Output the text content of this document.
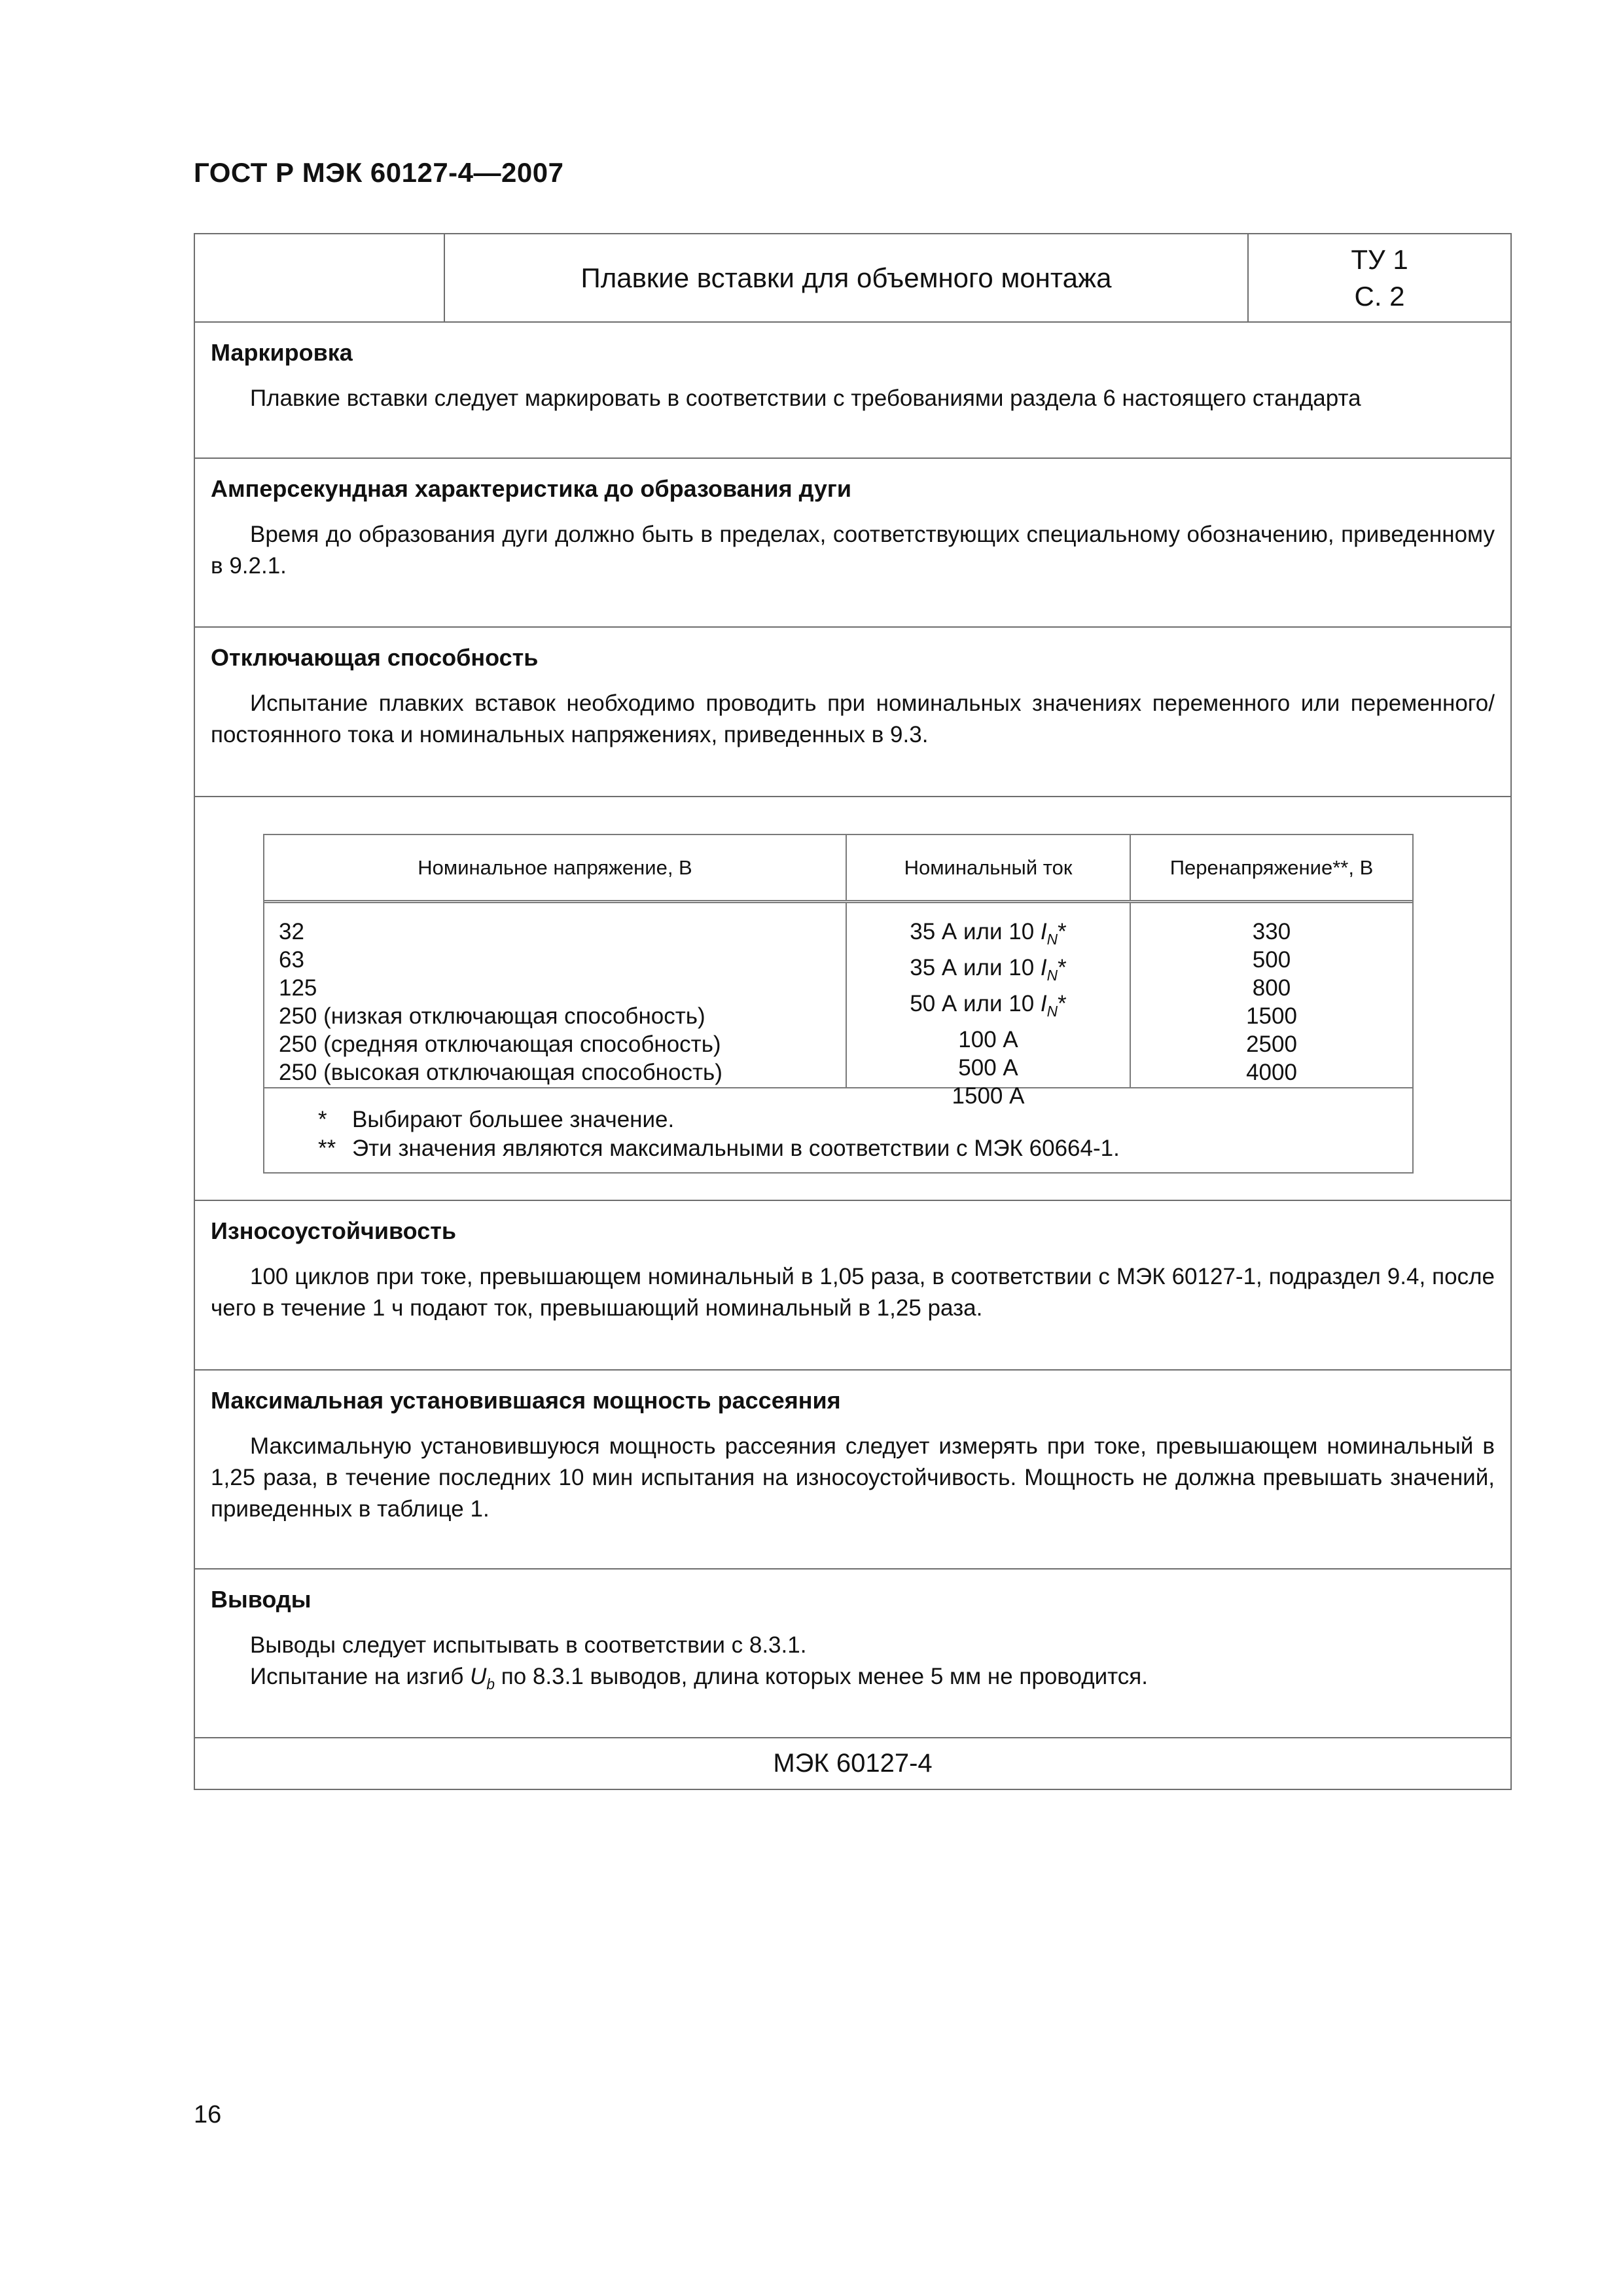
ГОСТ Р МЭК 60127-4—2007
Плавкие вставки для объемного монтажа
ТУ 1
С. 2
Маркировка
Плавкие вставки следует маркировать в соответствии с требованиями раздела 6 настоящего стандарта
Амперсекундная характеристика до образования дуги
Время до образования дуги должно быть в пределах, соответствующих специальному обозначению, приведенному в 9.2.1.
Отключающая способность
Испытание плавких вставок необходимо проводить при номинальных значениях переменного или переменного/постоянного тока и номинальных напряжениях, приведенных в 9.3.
Номинальное напряжение, В	Номинальный ток	Перенапряжение**, В
32
63
125
250 (низкая отключающая способность)
250 (средняя отключающая способность)
250 (высокая отключающая способность)
35 А или 10 $I_N*$
35 А или 10 $I_N*$
50 А или 10 $I_N*$
100 А
500 А
1500 А
330
500
800
1500
2500
4000
* Выбирают большее значение.
** Эти значения являются максимальными в соответствии с МЭК 60664-1.
Износоустойчивость
100 циклов при токе, превышающем номинальный в 1,05 раза, в соответствии с МЭК 60127-1, подраздел 9.4, после чего в течение 1 ч подают ток, превышающий номинальный в 1,25 раза.
Максимальная установившаяся мощность рассеяния
Максимальную установившуюся мощность рассеяния следует измерять при токе, превышающем номинальный в 1,25 раза, в течение последних 10 мин испытания на износоустойчивость. Мощность не должна превышать значений, приведенных в таблице 1.
Выводы
Выводы следует испытывать в соответствии с 8.3.1.
Испытание на изгиб $U_b$ по 8.3.1 выводов, длина которых менее 5 мм не проводится.
МЭК 60127-4
16
